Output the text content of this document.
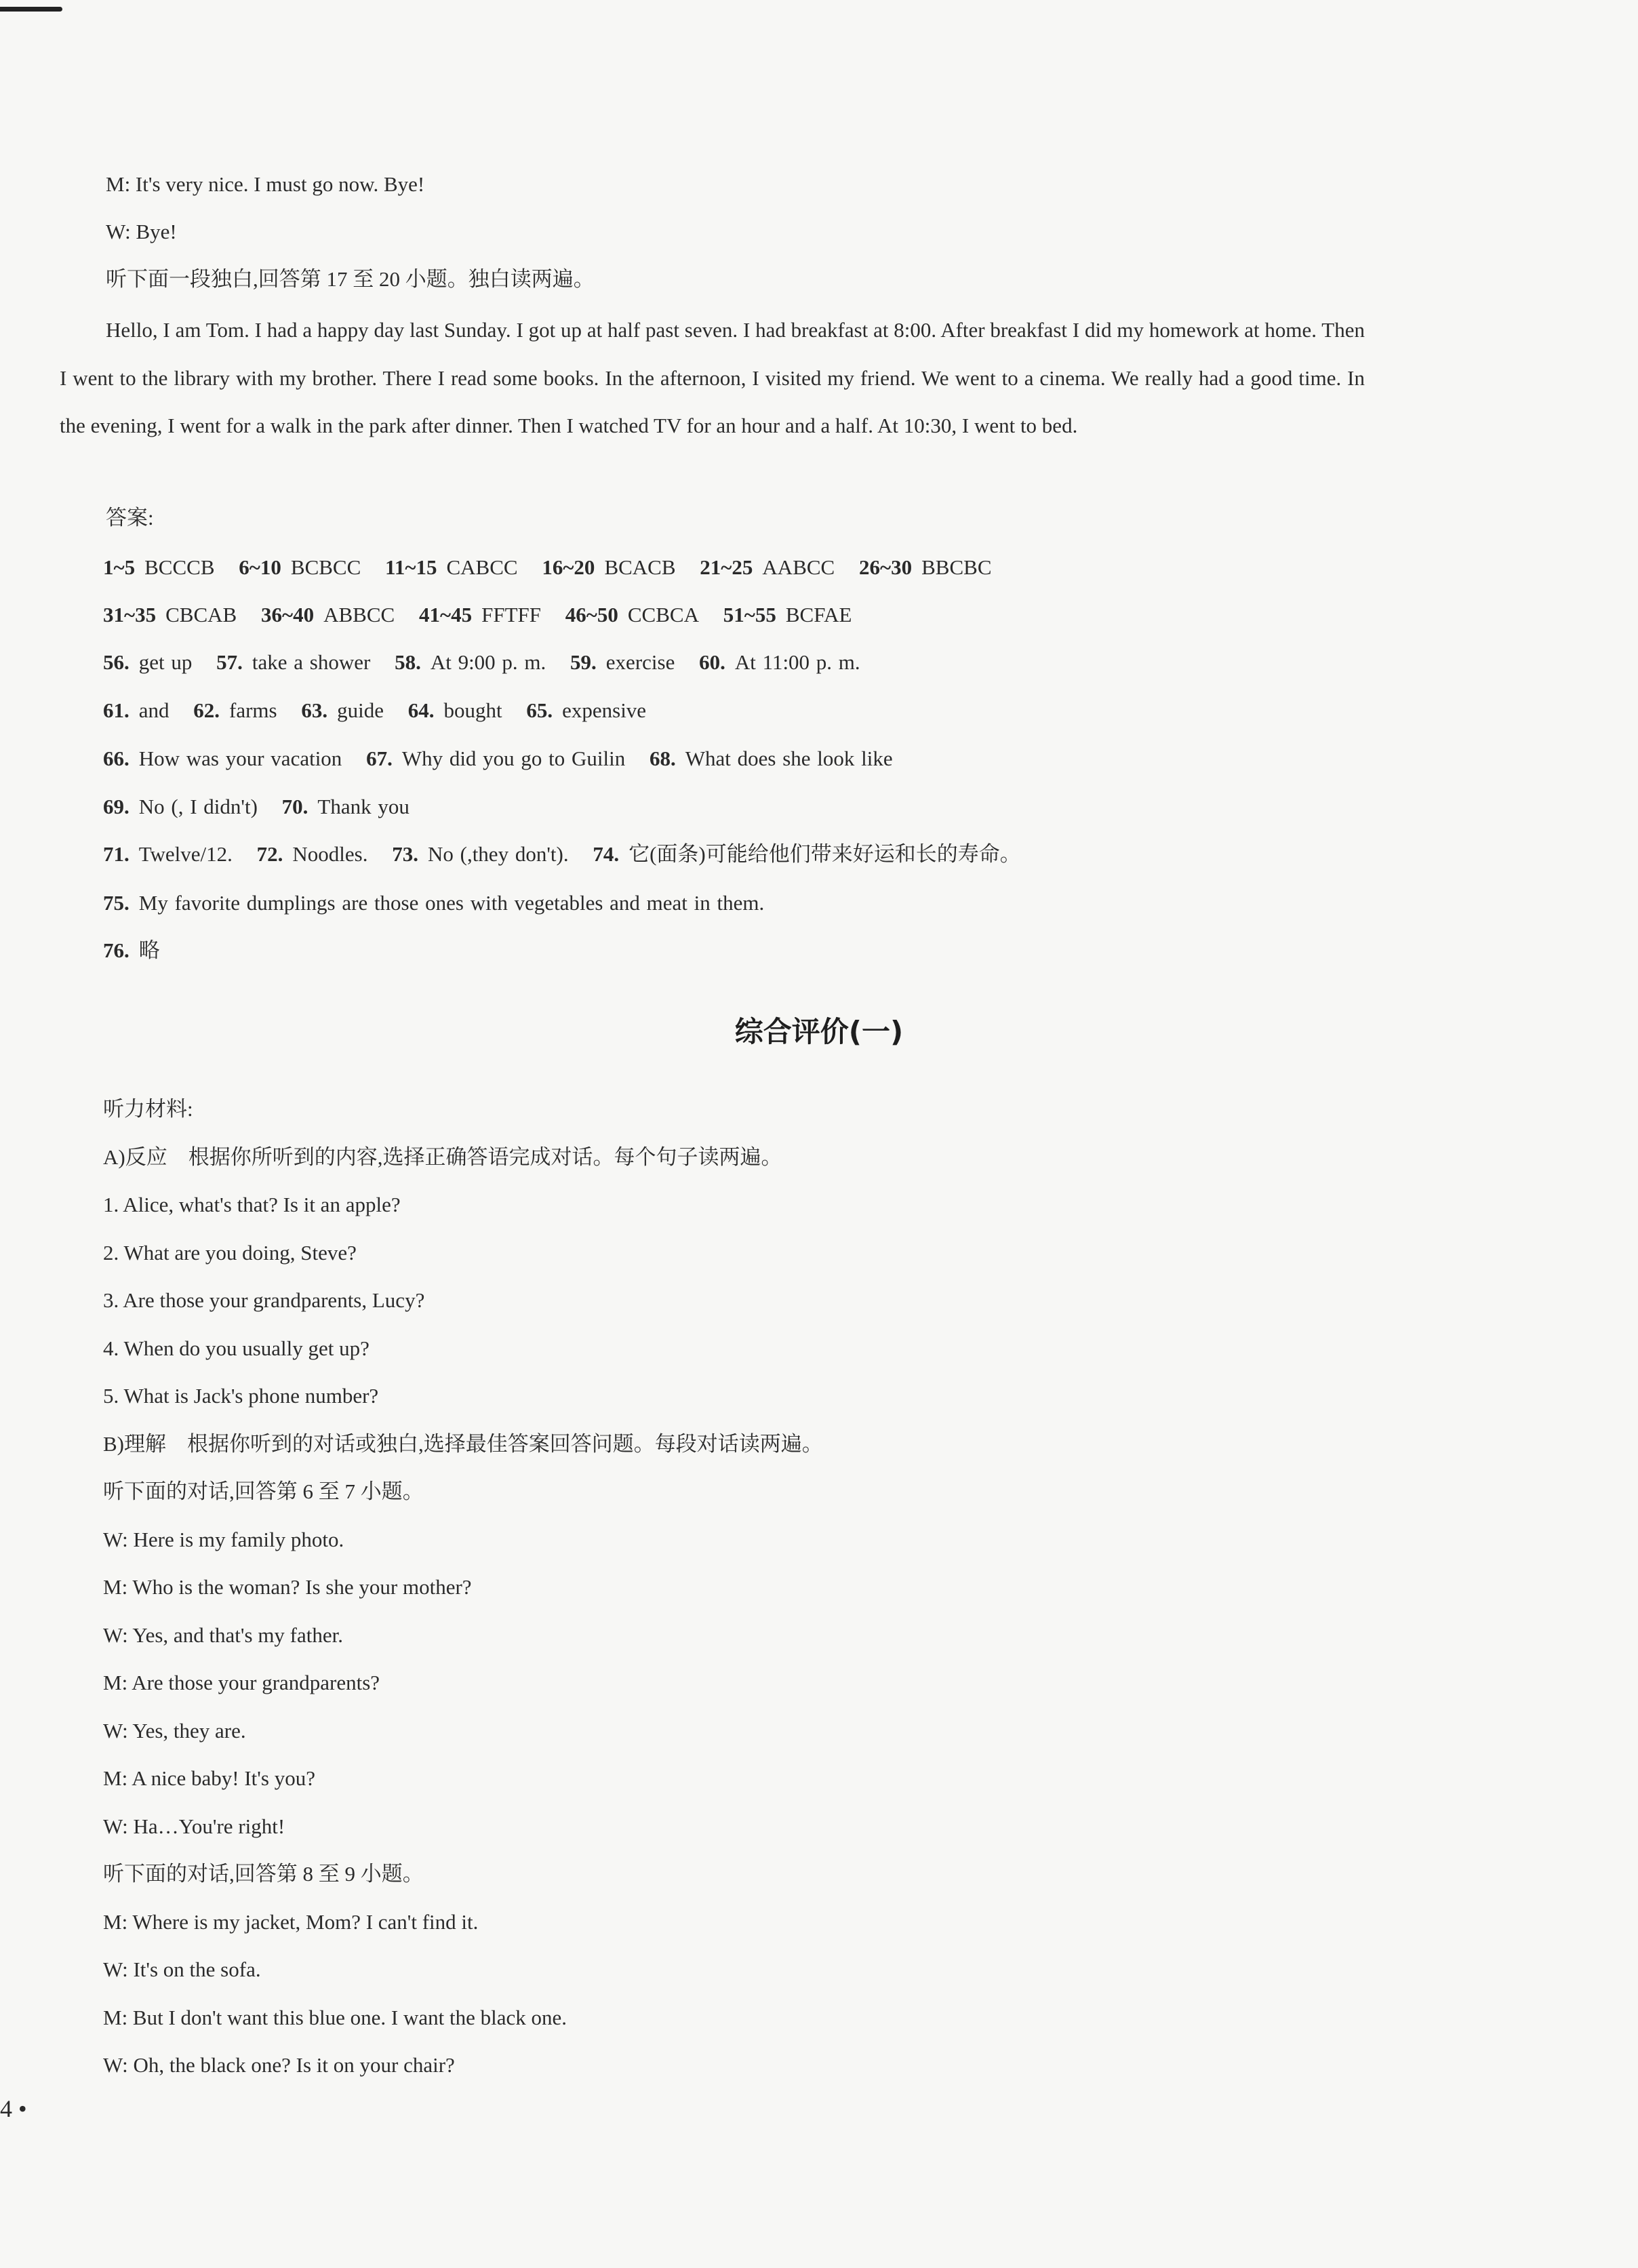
M: It's very nice. I must go now. Bye!

W: Bye!

听下面一段独白,回答第 17 至 20 小题。独白读两遍。

Hello, I am Tom. I had a happy day last Sunday. I got up at half past seven. I had breakfast at 8:00. After breakfast I did my homework at home. Then I went to the library with my brother. There I read some books. In the afternoon, I visited my friend. We went to a cinema. We really had a good time. In the evening, I went for a walk in the park after dinner. Then I watched TV for an hour and a half. At 10:30, I went to bed.

答案:

1~5 BCCCB 6~10 BCBCC 11~15 CABCC 16~20 BCACB 21~25 AABCC 26~30 BBCBC

31~35 CBCAB 36~40 ABBCC 41~45 FFTFF 46~50 CCBCA 51~55 BCFAE

56. get up 57. take a shower 58. At 9:00 p. m. 59. exercise 60. At 11:00 p. m.

61. and 62. farms 63. guide 64. bought 65. expensive

66. How was your vacation 67. Why did you go to Guilin 68. What does she look like

69. No (, I didn't) 70. Thank you

71. Twelve/12. 72. Noodles. 73. No (,they don't). 74. 它(面条)可能给他们带来好运和长的寿命。

75. My favorite dumplings are those ones with vegetables and meat in them.

76. 略

综合评价(一)

听力材料:

A)反应　根据你所听到的内容,选择正确答语完成对话。每个句子读两遍。

1. Alice, what's that? Is it an apple?

2. What are you doing, Steve?

3. Are those your grandparents, Lucy?

4. When do you usually get up?

5. What is Jack's phone number?

B)理解　根据你听到的对话或独白,选择最佳答案回答问题。每段对话读两遍。

听下面的对话,回答第 6 至 7 小题。

W: Here is my family photo.

M: Who is the woman? Is she your mother?

W: Yes, and that's my father.

M: Are those your grandparents?

W: Yes, they are.

M: A nice baby! It's you?

W: Ha…You're right!

听下面的对话,回答第 8 至 9 小题。

M: Where is my jacket, Mom? I can't find it.

W: It's on the sofa.

M: But I don't want this blue one. I want the black one.

W: Oh, the black one? Is it on your chair?

4 •
